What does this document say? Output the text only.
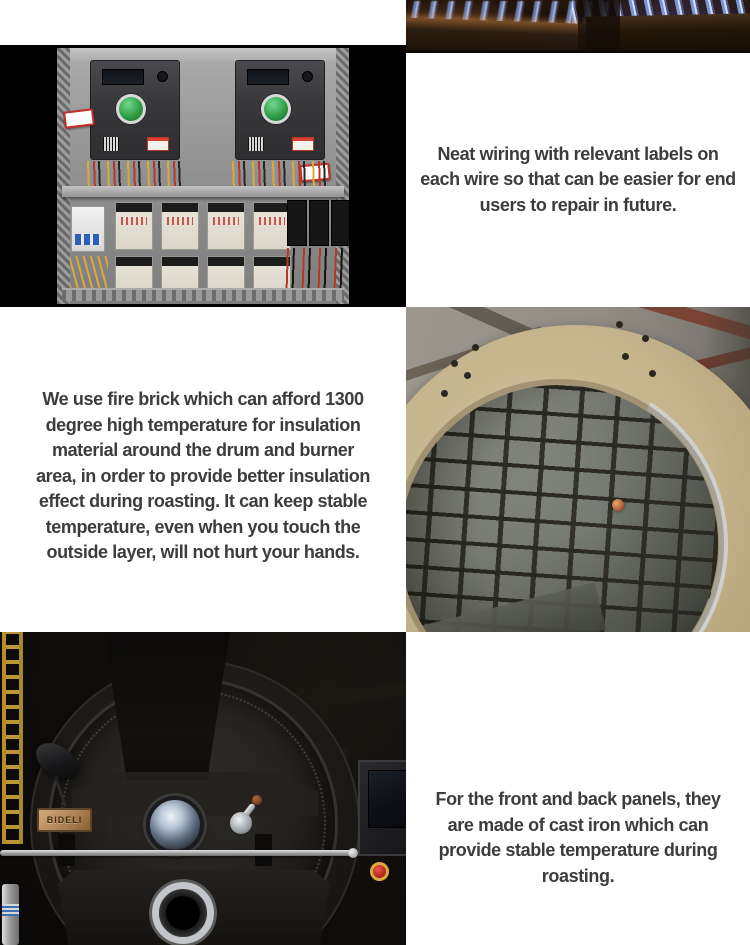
We use fire brick which can afford 1300
degree high temperature for insulation
material around the drum and burner
area, in order to provide better insulation
effect during roasting. It can keep stable
temperature, even when you touch the
outside layer, will not hurt your hands.
BIDELI
Neat wiring with relevant labels on
each wire so that can be easier for end
users to repair in future.
For the front and back panels, they
are made of cast iron which can
provide stable temperature during
roasting.
